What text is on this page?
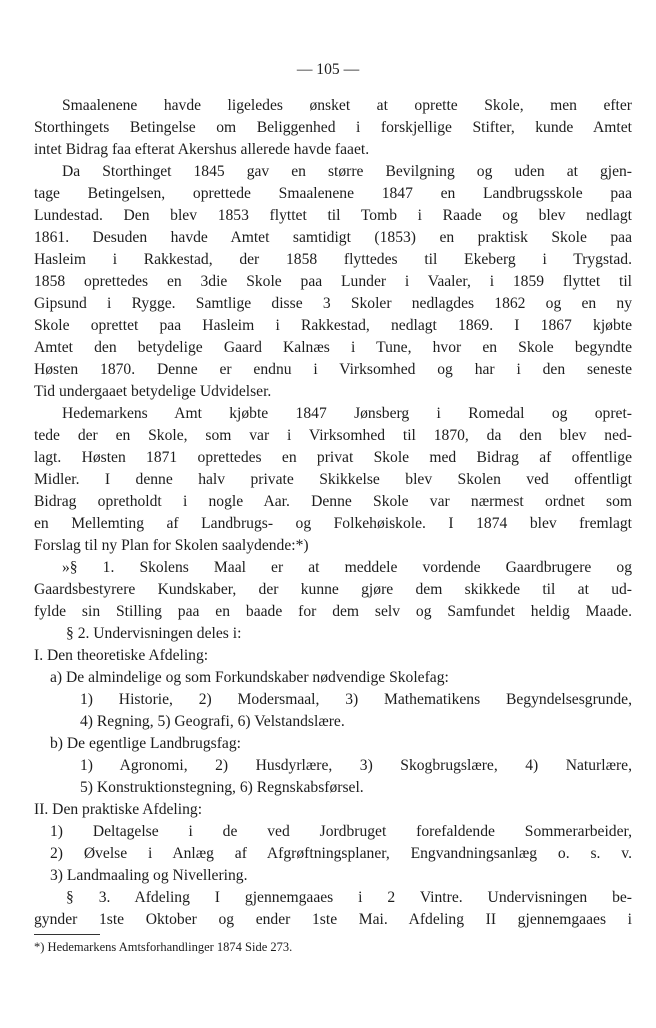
— 105 —
Smaalenene havde ligeledes ønsket at oprette Skole, men efter
Storthingets Betingelse om Beliggenhed i forskjellige Stifter, kunde Amtet
intet Bidrag faa efterat Akershus allerede havde faaet.
Da Storthinget 1845 gav en større Bevilgning og uden at gjen-
tage Betingelsen, oprettede Smaalenene 1847 en Landbrugsskole paa
Lundestad. Den blev 1853 flyttet til Tomb i Raade og blev nedlagt
1861. Desuden havde Amtet samtidigt (1853) en praktisk Skole paa
Hasleim i Rakkestad, der 1858 flyttedes til Ekeberg i Trygstad.
1858 oprettedes en 3die Skole paa Lunder i Vaaler, i 1859 flyttet til
Gipsund i Rygge. Samtlige disse 3 Skoler nedlagdes 1862 og en ny
Skole oprettet paa Hasleim i Rakkestad, nedlagt 1869. I 1867 kjøbte
Amtet den betydelige Gaard Kalnæs i Tune, hvor en Skole begyndte
Høsten 1870. Denne er endnu i Virksomhed og har i den seneste
Tid undergaaet betydelige Udvidelser.
Hedemarkens Amt kjøbte 1847 Jønsberg i Romedal og opret-
tede der en Skole, som var i Virksomhed til 1870, da den blev ned-
lagt. Høsten 1871 oprettedes en privat Skole med Bidrag af offentlige
Midler. I denne halv private Skikkelse blev Skolen ved offentligt
Bidrag opretholdt i nogle Aar. Denne Skole var nærmest ordnet som
en Mellemting af Landbrugs- og Folkehøiskole. I 1874 blev fremlagt
Forslag til ny Plan for Skolen saalydende:*)
»§ 1. Skolens Maal er at meddele vordende Gaardbrugere og
Gaardsbestyrere Kundskaber, der kunne gjøre dem skikkede til at ud-
fylde sin Stilling paa en baade for dem selv og Samfundet heldig Maade.
§ 2. Undervisningen deles i:
I. Den theoretiske Afdeling:
a) De almindelige og som Forkundskaber nødvendige Skolefag:
1) Historie, 2) Modersmaal, 3) Mathematikens Begyndelsesgrunde,
4) Regning, 5) Geografi, 6) Velstandslære.
b) De egentlige Landbrugsfag:
1) Agronomi, 2) Husdyrlære, 3) Skogbrugslære, 4) Naturlære,
5) Konstruktionstegning, 6) Regnskabsførsel.
II. Den praktiske Afdeling:
1) Deltagelse i de ved Jordbruget forefaldende Sommerarbeider,
2) Øvelse i Anlæg af Afgrøftningsplaner, Engvandningsanlæg o. s. v.
3) Landmaaling og Nivellering.
§ 3. Afdeling I gjennemgaaes i 2 Vintre. Undervisningen be-
gynder 1ste Oktober og ender 1ste Mai. Afdeling II gjennemgaaes i
*) Hedemarkens Amtsforhandlinger 1874 Side 273.
